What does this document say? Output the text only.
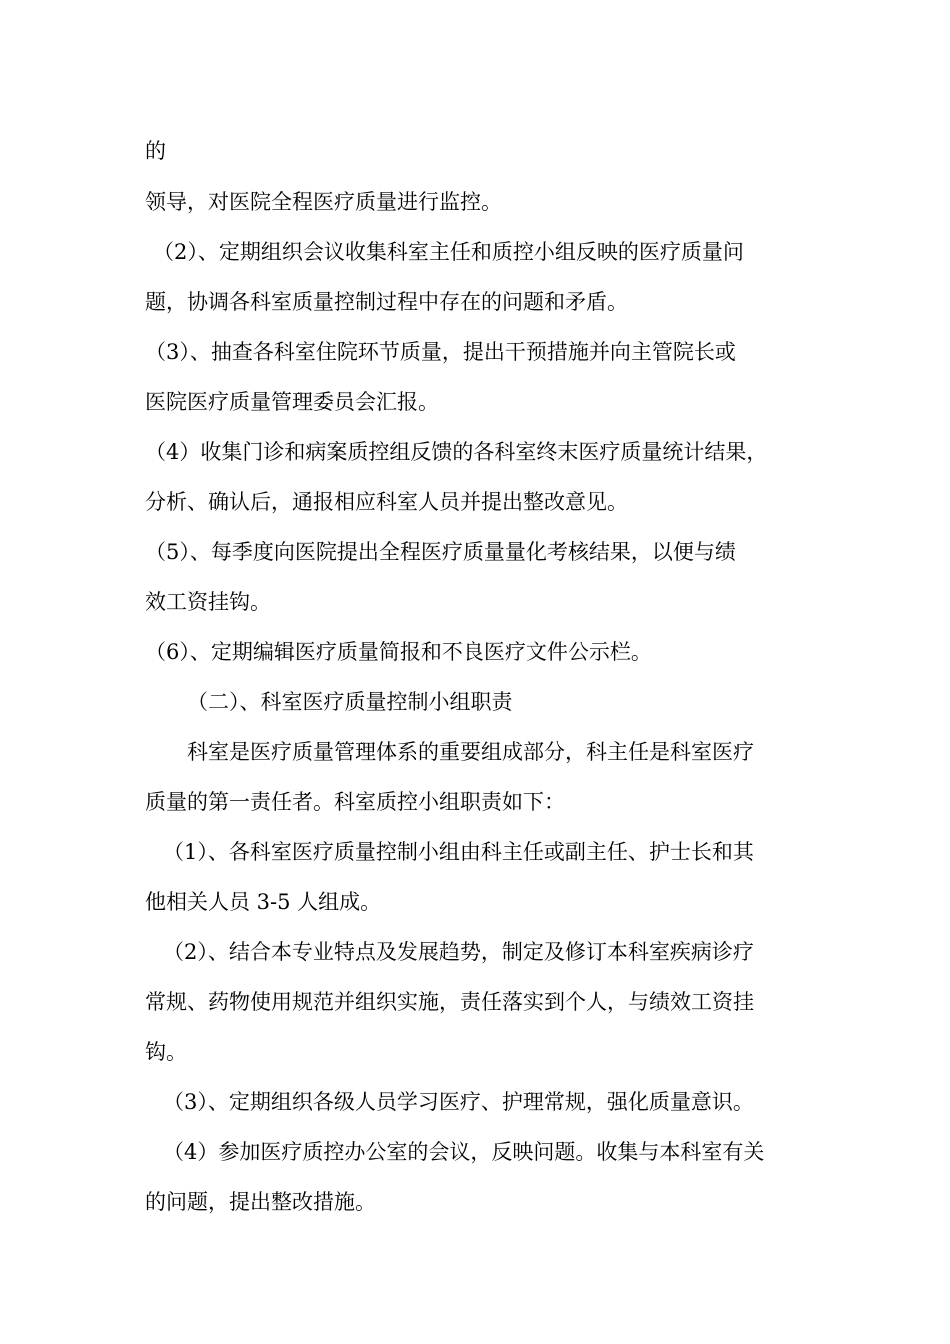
的
领导，对医院全程医疗质量进行监控。
（2）、定期组织会议收集科室主任和质控小组反映的医疗质量问
题，协调各科室质量控制过程中存在的问题和矛盾。
（3）、抽查各科室住院环节质量，提出干预措施并向主管院长或
医院医疗质量管理委员会汇报。
（4）收集门诊和病案质控组反馈的各科室终末医疗质量统计结果，
分析、确认后，通报相应科室人员并提出整改意见。
（5）、每季度向医院提出全程医疗质量量化考核结果，以便与绩
效工资挂钩。
（6）、定期编辑医疗质量简报和不良医疗文件公示栏。
（二）、科室医疗质量控制小组职责
科室是医疗质量管理体系的重要组成部分，科主任是科室医疗
质量的第一责任者。科室质控小组职责如下：
（1）、各科室医疗质量控制小组由科主任或副主任、护士长和其
他相关人员 3-5 人组成。
（2）、结合本专业特点及发展趋势，制定及修订本科室疾病诊疗
常规、药物使用规范并组织实施，责任落实到个人，与绩效工资挂
钩。
（3）、定期组织各级人员学习医疗、护理常规，强化质量意识。
（4）参加医疗质控办公室的会议，反映问题。收集与本科室有关
的问题，提出整改措施。
